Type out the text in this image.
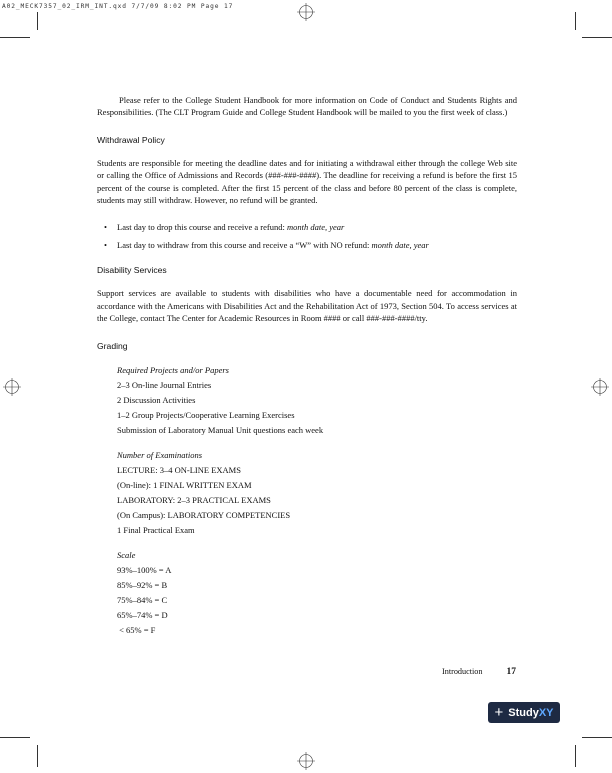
A02_MECK7357_02_IRM_INT.qxd 7/7/09 8:02 PM Page 17

Please refer to the College Student Handbook for more information on Code of Conduct and Students Rights and Responsibilities. (The CLT Program Guide and College Student Handbook will be mailed to you the first week of class.)

Withdrawal Policy

Students are responsible for meeting the deadline dates and for initiating a withdrawal either through the college Web site or calling the Office of Admissions and Records (###-###-####). The deadline for receiving a refund is before the first 15 percent of the course is completed. After the first 15 percent of the class and before 80 percent of the class is complete, students may still withdraw. However, no refund will be granted.

• Last day to drop this course and receive a refund: month date, year
• Last day to withdraw from this course and receive a “W” with NO refund: month date, year
Disability Services

Support services are available to students with disabilities who have a documentable need for accommodation in accordance with the Americans with Disabilities Act and the Rehabilitation Act of 1973, Section 504. To access services at the College, contact The Center for Academic Resources in Room #### or call ###-###-####/tty.

Grading
Required Projects and/or Papers
2–3 On-line Journal Entries
2 Discussion Activities
1–2 Group Projects/Cooperative Learning Exercises
Submission of Laboratory Manual Unit questions each week
Number of Examinations
LECTURE: 3–4 ON-LINE EXAMS
(On-line): 1 FINAL WRITTEN EXAM
LABORATORY: 2–3 PRACTICAL EXAMS
(On Campus): LABORATORY COMPETENCIES
1 Final Practical Exam
Scale
93%–100% = A
85%–92% = B
75%–84% = C
65%–74% = D
< 65% = F
Introduction	17
+ Study XY
